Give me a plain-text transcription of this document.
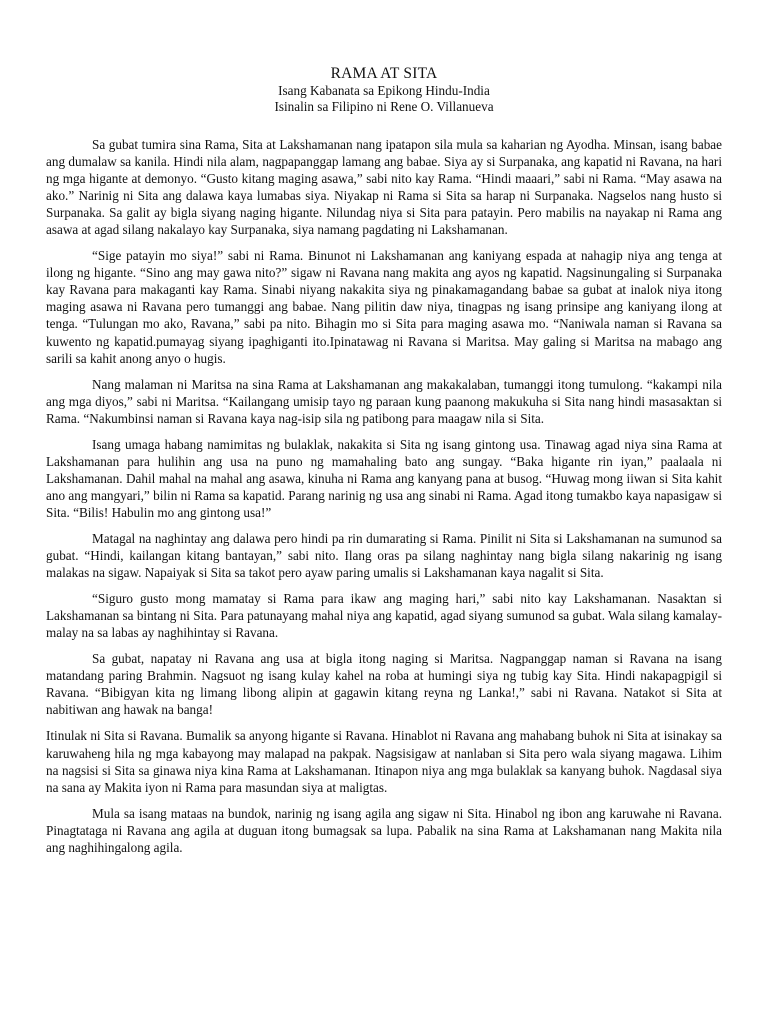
RAMA AT SITA
Isang Kabanata sa Epikong Hindu-India
Isinalin sa Filipino ni Rene O. Villanueva

Sa gubat tumira sina Rama, Sita at Lakshamanan nang ipatapon sila mula sa kaharian ng Ayodha. Minsan, isang babae ang dumalaw sa kanila. Hindi nila alam, nagpapanggap lamang ang babae. Siya ay si Surpanaka, ang kapatid ni Ravana, na hari ng mga higante at demonyo. “Gusto kitang maging asawa,” sabi nito kay Rama. “Hindi maaari,” sabi ni Rama. “May asawa na ako.” Narinig ni Sita ang dalawa kaya lumabas siya. Niyakap ni Rama si Sita sa harap ni Surpanaka. Nagselos nang husto si Surpanaka. Sa galit ay bigla siyang naging higante. Nilundag niya si Sita para patayin. Pero mabilis na nayakap ni Rama ang asawa at agad silang nakalayo kay Surpanaka, siya namang pagdating ni Lakshamanan.

“Sige patayin mo siya!” sabi ni Rama. Binunot ni Lakshamanan ang kaniyang espada at nahagip niya ang tenga at ilong ng higante. “Sino ang may gawa nito?” sigaw ni Ravana nang makita ang ayos ng kapatid. Nagsinungaling si Surpanaka kay Ravana para makaganti kay Rama. Sinabi niyang nakakita siya ng pinakamagandang babae sa gubat at inalok niya itong maging asawa ni Ravana pero tumanggi ang babae. Nang pilitin daw niya, tinagpas ng isang prinsipe ang kaniyang ilong at tenga. “Tulungan mo ako, Ravana,” sabi pa nito. Bihagin mo si Sita para maging asawa mo. “Naniwala naman si Ravana sa kuwento ng kapatid.pumayag siyang ipaghiganti ito.Ipinatawag ni Ravana si Maritsa. May galing si Maritsa na mabago ang sarili sa kahit anong anyo o hugis.

Nang malaman ni Maritsa na sina Rama at Lakshamanan ang makakalaban, tumanggi itong tumulong. “kakampi nila ang mga diyos,” sabi ni Maritsa. “Kailangang umisip tayo ng paraan kung paanong makukuha si Sita nang hindi masasaktan si Rama. “Nakumbinsi naman si Ravana kaya nag-isip sila ng patibong para maagaw nila si Sita.

Isang umaga habang namimitas ng bulaklak, nakakita si Sita ng isang gintong usa. Tinawag agad niya sina Rama at Lakshamanan para hulihin ang usa na puno ng mamahaling bato ang sungay. “Baka higante rin iyan,” paalaala ni Lakshamanan. Dahil mahal na mahal ang asawa, kinuha ni Rama ang kanyang pana at busog. “Huwag mong iiwan si Sita kahit ano ang mangyari,” bilin ni Rama sa kapatid. Parang narinig ng usa ang sinabi ni Rama. Agad itong tumakbo kaya napasigaw si Sita. “Bilis! Habulin mo ang gintong usa!”

Matagal na naghintay ang dalawa pero hindi pa rin dumarating si Rama. Pinilit ni Sita si Lakshamanan na sumunod sa gubat. “Hindi, kailangan kitang bantayan,” sabi nito. Ilang oras pa silang naghintay nang bigla silang nakarinig ng isang malakas na sigaw. Napaiyak si Sita sa takot pero ayaw paring umalis si Lakshamanan kaya nagalit si Sita.

“Siguro gusto mong mamatay si Rama para ikaw ang maging hari,” sabi nito kay Lakshamanan. Nasaktan si Lakshamanan sa bintang ni Sita. Para patunayang mahal niya ang kapatid, agad siyang sumunod sa gubat. Wala silang kamalay-malay na sa labas ay naghihintay si Ravana.

Sa gubat, napatay ni Ravana ang usa at bigla itong naging si Maritsa. Nagpanggap naman si Ravana na isang matandang paring Brahmin. Nagsuot ng isang kulay kahel na roba at humingi siya ng tubig kay Sita. Hindi nakapagpigil si Ravana. “Bibigyan kita ng limang libong alipin at gagawin kitang reyna ng Lanka!,” sabi ni Ravana. Natakot si Sita at nabitiwan ang hawak na banga!

Itinulak ni Sita si Ravana. Bumalik sa anyong higante si Ravana. Hinablot ni Ravana ang mahabang buhok ni Sita at isinakay sa karuwaheng hila ng mga kabayong may malapad na pakpak. Nagsisigaw at nanlaban si Sita pero wala siyang magawa. Lihim na nagsisi si Sita sa ginawa niya kina Rama at Lakshamanan. Itinapon niya ang mga bulaklak sa kanyang buhok. Nagdasal siya na sana ay Makita iyon ni Rama para masundan siya at maligtas.

Mula sa isang mataas na bundok, narinig ng isang agila ang sigaw ni Sita. Hinabol ng ibon ang karuwahe ni Ravana. Pinagtataga ni Ravana ang agila at duguan itong bumagsak sa lupa. Pabalik na sina Rama at Lakshamanan nang Makita nila ang naghihingalong agila.
